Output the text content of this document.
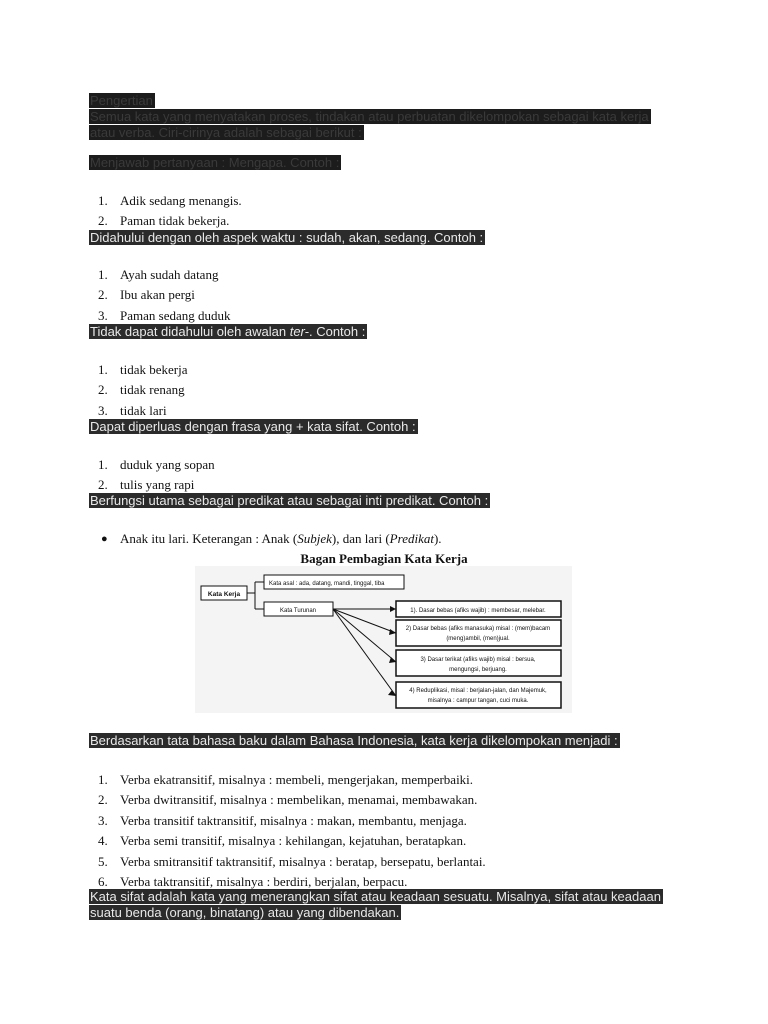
Pengertian
Semua kata yang menyatakan proses, tindakan atau perbuatan dikelompokan sebagai kata kerja
atau verba. Ciri-cirinya adalah sebagai berikut :
Menjawab pertanyaan : Mengapa. Contoh :
1. Adik sedang menangis.
2. Paman tidak bekerja.
Didahului dengan oleh aspek waktu : sudah, akan, sedang. Contoh :
1. Ayah sudah datang
2. Ibu akan pergi
3. Paman sedang duduk
Tidak dapat didahului oleh awalan ter-. Contoh :
1. tidak bekerja
2. tidak renang
3. tidak lari
Dapat diperluas dengan frasa yang + kata sifat. Contoh :
1. duduk yang sopan
2. tulis yang rapi
Berfungsi utama sebagai predikat atau sebagai inti predikat. Contoh :
● Anak itu lari. Keterangan : Anak (Subjek), dan lari (Predikat).
Bagan Pembagian Kata Kerja
Kata Kerja
Kata asal : ada, datang, mandi, tinggal, tiba
Kata Turunan	1). Dasar bebas (afiks wajib) : membesar, melebar.
2) Dasar bebas (afiks manasuka) misal : (mem)bacam
(meng)ambil, (men)jual.
3) Dasar terikat (afiks wajib) misal : bersua,
mengungsi, berjuang.
4) Reduplikasi, misal : berjalan-jalan, dan Majemuk,
misalnya : campur tangan, cuci muka.
Berdasarkan tata bahasa baku dalam Bahasa Indonesia, kata kerja dikelompokan menjadi :
1. Verba ekatransitif, misalnya : membeli, mengerjakan, memperbaiki.
2. Verba dwitransitif, misalnya : membelikan, menamai, membawakan.
3. Verba transitif taktransitif, misalnya : makan, membantu, menjaga.
4. Verba semi transitif, misalnya : kehilangan, kejatuhan, beratapkan.
5. Verba smitransitif taktransitif, misalnya : beratap, bersepatu, berlantai.
6. Verba taktransitif, misalnya : berdiri, berjalan, berpacu.
Kata sifat adalah kata yang menerangkan sifat atau keadaan sesuatu. Misalnya, sifat atau keadaan
suatu benda (orang, binatang) atau yang dibendakan.
